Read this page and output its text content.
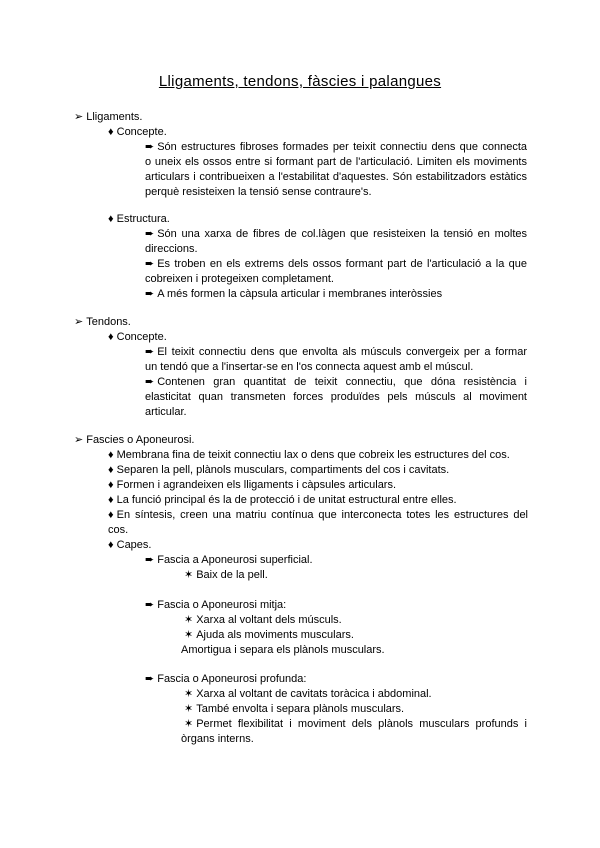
Lligaments, tendons, fàscies i palangues
➢ Lligaments.
♦ Concepte.
➨ Són estructures fibroses formades per teixit connectiu dens que connecta
o uneix els ossos entre si formant part de l'articulació. Limiten els moviments
articulars i contribueixen a l'estabilitat d'aquestes. Són estabilitzadors estàtics
perquè resisteixen la tensió sense contraure's.
♦ Estructura.
➨ Són una xarxa de fibres de col.làgen que resisteixen la tensió en moltes
direccions.
➨ Es troben en els extrems dels ossos formant part de l'articulació a la que
cobreixen i protegeixen completament.
➨ A més formen la càpsula articular i membranes interòssies
➢ Tendons.
♦ Concepte.
➨ El teixit connectiu dens que envolta als músculs convergeix per a formar
un tendó que a l'insertar-se en l'os connecta aquest amb el múscul.
➨ Contenen gran quantitat de teixit connectiu, que dóna resistència i
elasticitat quan transmeten forces produïdes pels músculs al moviment
articular.
➢ Fascies o Aponeurosi.
♦ Membrana fina de teixit connectiu lax o dens que cobreix les estructures del cos.
♦ Separen la pell, plànols musculars, compartiments del cos i cavitats.
♦ Formen i agrandeixen els lligaments i càpsules articulars.
♦ La funció principal és la de protecció i de unitat estructural entre elles.
♦ En síntesis, creen una matriu contínua que interconecta totes les estructures del
cos.
♦ Capes.
➨ Fascia a Aponeurosi superficial.
✶ Baix de la pell.
➨ Fascia o Aponeurosi mitja:
✶ Xarxa al voltant dels músculs.
✶ Ajuda als moviments musculars.
Amortigua i separa els plànols musculars.
➨ Fascia o Aponeurosi profunda:
✶ Xarxa al voltant de cavitats toràcica i abdominal.
✶ També envolta i separa plànols musculars.
✶ Permet flexibilitat i moviment dels plànols musculars profunds i
òrgans interns.
